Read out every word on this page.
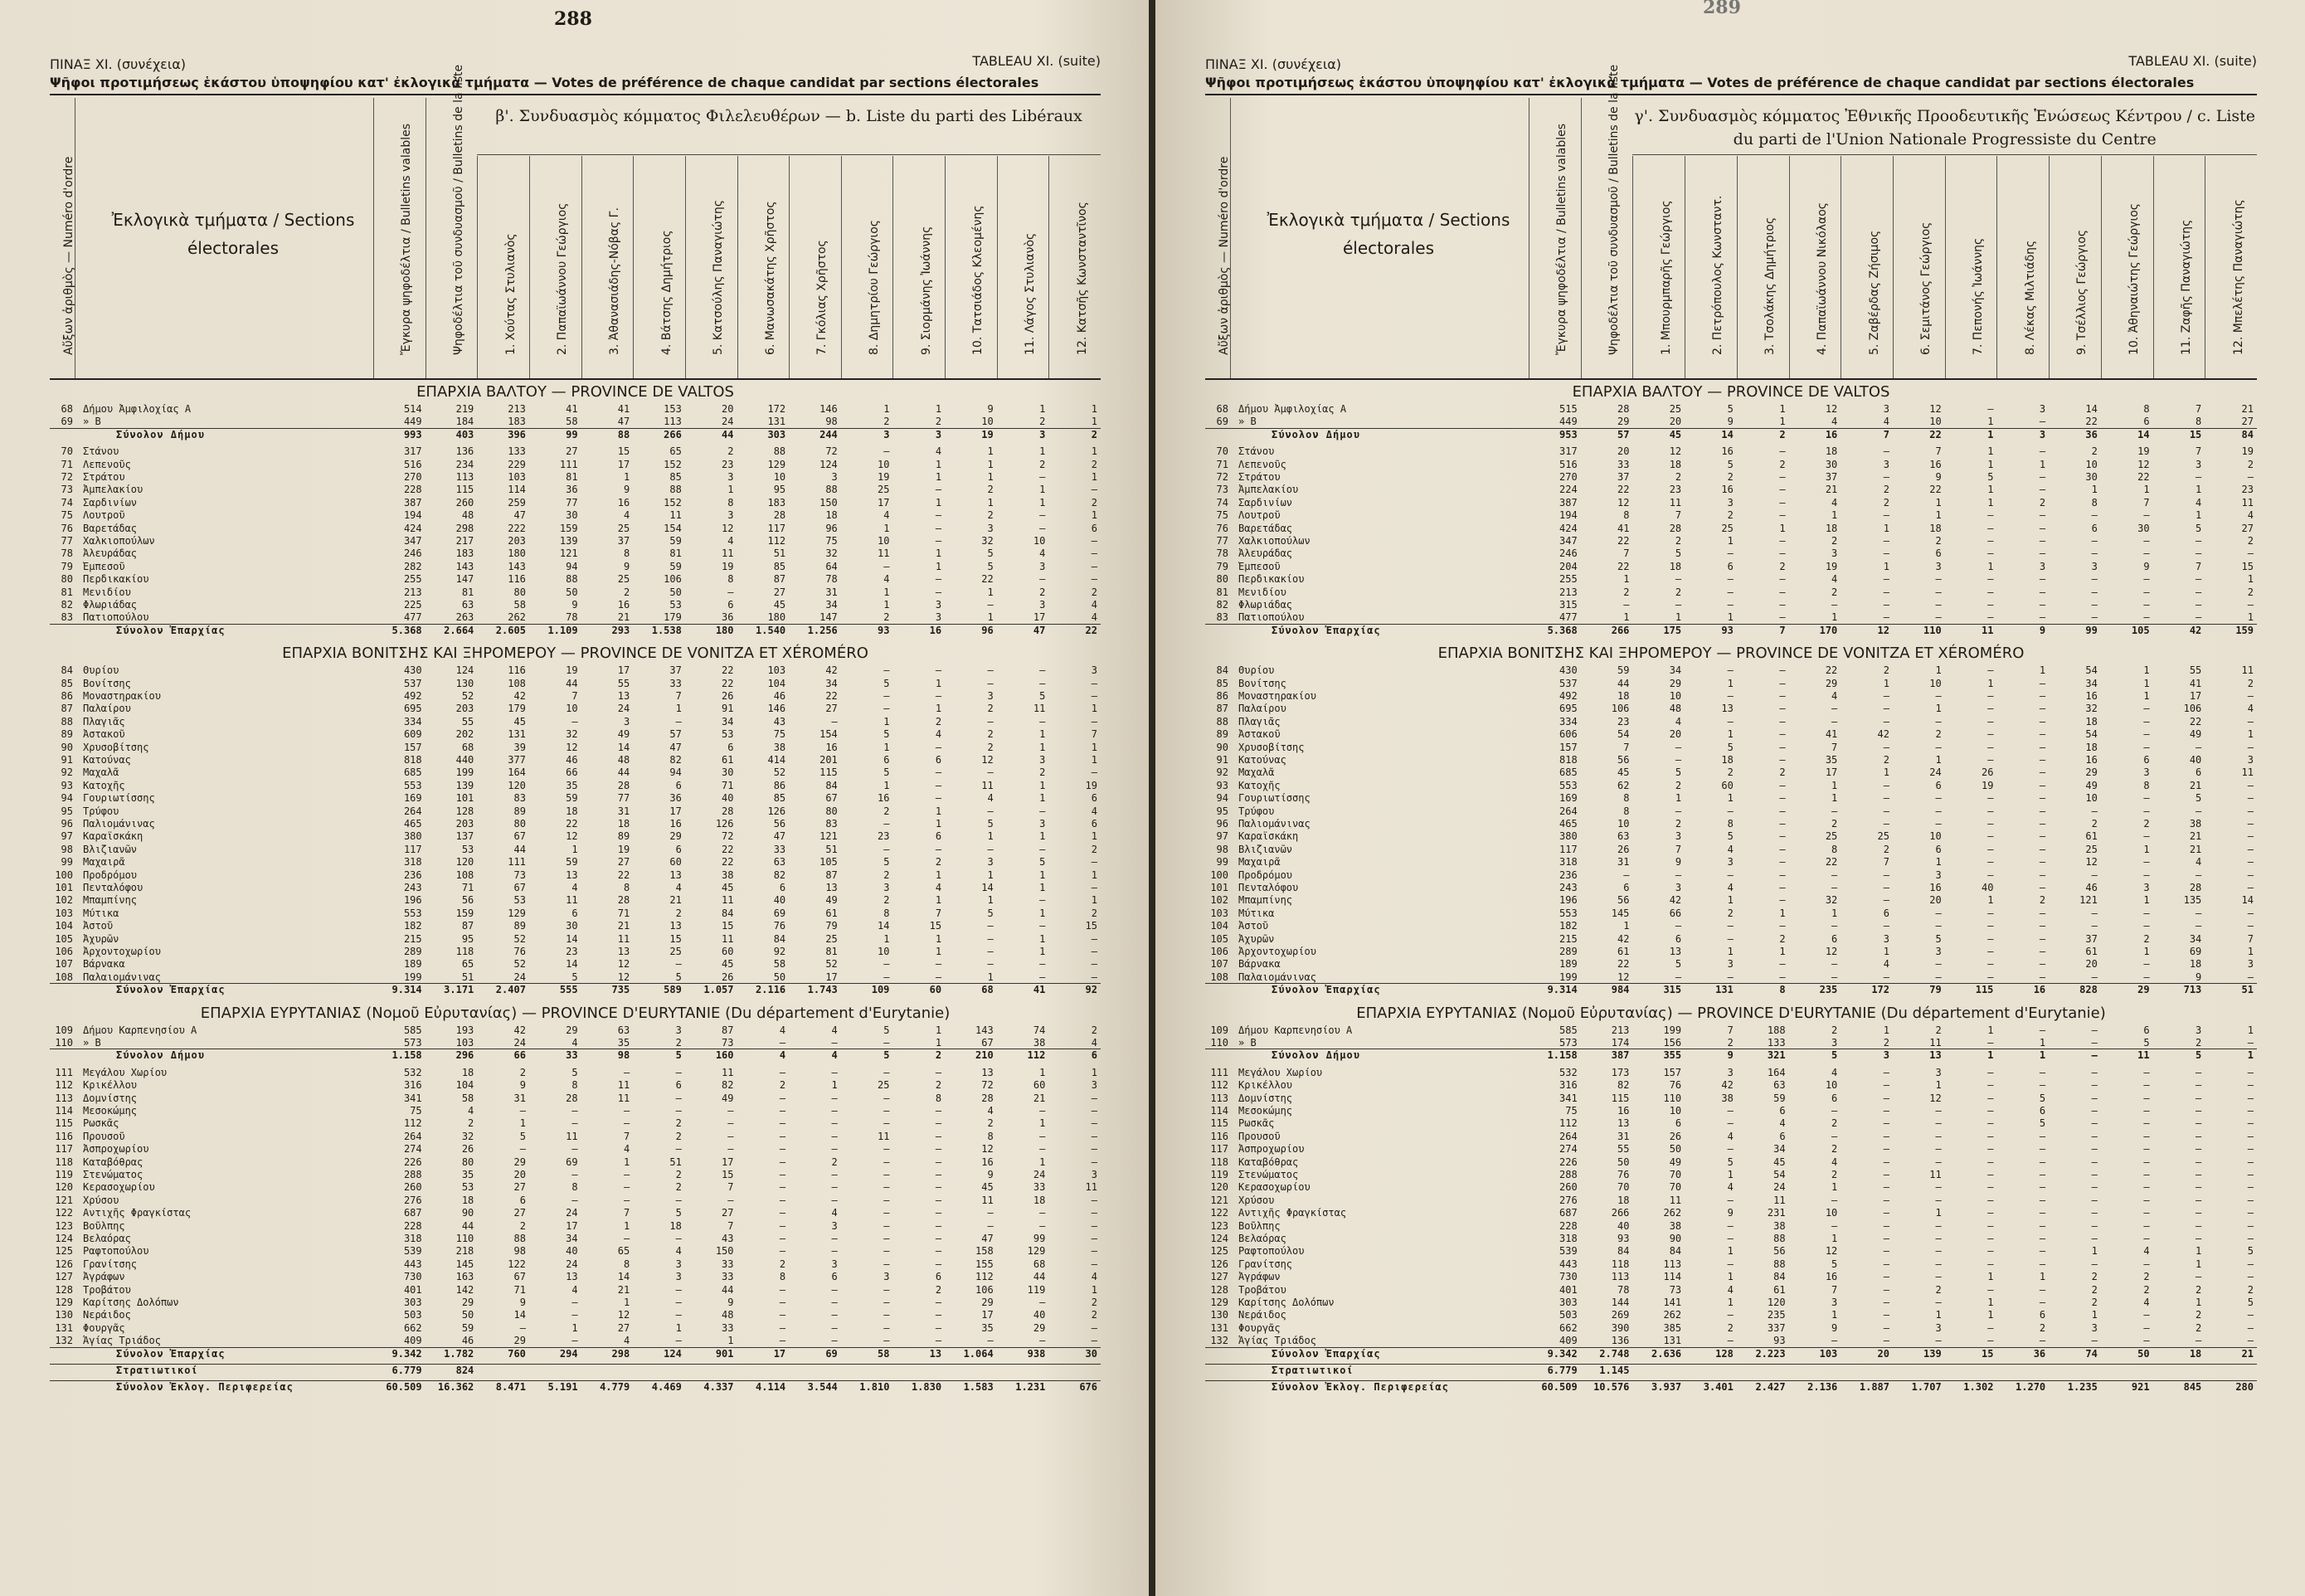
288
ΠΙΝΑΞ ΧΙ. (συνέχεια)	TABLEAU XI. (suite)
Ψῆφοι προτιμήσεως ἑκάστου ὑποψηφίου κατ' ἐκλογικὰ τμήματα — Votes de préférence de chaque candidat par sections électorales
Αὔξων ἀριθμὸς — Numéro d'ordre	Ἐκλογικὰ τμήματα / Sections électorales	Ἔγκυρα ψηφοδέλτια / Bulletins valables	Ψηφοδέλτια τοῦ συνδυασμοῦ / Bulletins de la liste	β'. Συνδυασμὸς κόμματος Φιλελευθέρων — b. Liste du parti des Libéraux
1. Χούτας Στυλιανὸς	2. Παπαϊωάννου Γεώργιος	3. Ἀθανασιάδης-Νόβας Γ.	4. Βάτσης Δημήτριος	5. Κατσούλης Παναγιώτης	6. Μανωσακάτης Χρῆστος	7. Γκόλιας Χρῆστος	8. Δημητρίου Γεώργιος	9. Σιορμάνης Ἰωάννης	10. Τατσιάδος Κλεομένης	11. Λάγος Στυλιανὸς	12. Κατσῆς Κωνσταντῖνος
ΕΠΑΡΧΙΑ ΒΑΛΤΟΥ — PROVINCE DE VALTOS
68 Δήμου Ἀμφιλοχίας Α	514	219	213	41	41	153	20	172	146	1	1	9	1	1
69 » Β	449	184	183	58	47	113	24	131	98	2	2	10	2	1
Σύνολον Δήμου	993	403	396	99	88	266	44	303	244	3	3	19	3	2
70 Στάνου	317	136	133	27	15	65	2	88	72	—	4	1	1	1
71 Λεπενοῦς	516	234	229	111	17	152	23	129	124	10	1	1	2	2
72 Στράτου	270	113	103	81	1	85	3	10	3	19	1	1	—	1
73 Ἀμπελακίου	228	115	114	36	9	88	1	95	88	25	—	2	1	—
74 Σαρδινίων	387	260	259	77	16	152	8	183	150	17	1	1	1	2
75 Λουτροῦ	194	48	47	30	4	11	3	28	18	4	—	2	—	1
76 Βαρετάδας	424	298	222	159	25	154	12	117	96	1	—	3	—	6
77 Χαλκιοπούλων	347	217	203	139	37	59	4	112	75	10	—	32	10	—
78 Ἀλευράδας	246	183	180	121	8	81	11	51	32	11	1	5	4	—
79 Ἐμπεσοῦ	282	143	143	94	9	59	19	85	64	—	1	5	3	—
80 Περδικακίου	255	147	116	88	25	106	8	87	78	4	—	22	—	—
81 Μενιδίου	213	81	80	50	2	50	—	27	31	1	—	1	2	2
82 Φλωριάδας	225	63	58	9	16	53	6	45	34	1	3	—	3	4
83 Πατιοπούλου	477	263	262	78	21	179	36	180	147	2	3	1	17	4
Σύνολον Ἐπαρχίας	5.368	2.664	2.605	1.109	293	1.538	180	1.540	1.256	93	16	96	47	22
ΕΠΑΡΧΙΑ ΒΟΝΙΤΣΗΣ ΚΑΙ ΞΗΡΟΜΕΡΟΥ — PROVINCE DE VONITZA ET XÉROMÉRO
84 Θυρίου	430	124	116	19	17	37	22	103	42	—	—	—	—	3
85 Βονίτσης	537	130	108	44	55	33	22	104	34	5	1	—	—	—
86 Μοναστηρακίου	492	52	42	7	13	7	26	46	22	—	—	3	5	—
87 Παλαίρου	695	203	179	10	24	1	91	146	27	—	1	2	11	1
88 Πλαγιᾶς	334	55	45	—	3	—	34	43	—	1	2	—	—	—
89 Ἀστακοῦ	609	202	131	32	49	57	53	75	154	5	4	2	1	7
90 Χρυσοβίτσης	157	68	39	12	14	47	6	38	16	1	—	2	1	1
91 Κατούνας	818	440	377	46	48	82	61	414	201	6	6	12	3	1
92 Μαχαλᾶ	685	199	164	66	44	94	30	52	115	5	—	—	2	—
93 Κατοχῆς	553	139	120	35	28	6	71	86	84	1	—	11	1	19
94 Γουριωτίσσης	169	101	83	59	77	36	40	85	67	16	—	4	1	6
95 Τρύφου	264	128	89	18	31	17	28	126	80	2	1	—	—	4
96 Παλιομάνινας	465	203	80	22	18	16	126	56	83	—	1	5	3	6
97 Καραϊσκάκη	380	137	67	12	89	29	72	47	121	23	6	1	1	1
98 Βλιζιανῶν	117	53	44	1	19	6	22	33	51	—	—	—	—	2
99 Μαχαιρᾶ	318	120	111	59	27	60	22	63	105	5	2	3	5	—
100 Προδρόμου	236	108	73	13	22	13	38	82	87	2	1	1	1	1
101 Πενταλόφου	243	71	67	4	8	4	45	6	13	3	4	14	1	—
102 Μπαμπίνης	196	56	53	11	28	21	11	40	49	2	1	1	—	1
103 Μύτικα	553	159	129	6	71	2	84	69	61	8	7	5	1	2
104 Ἀστοῦ	182	87	89	30	21	13	15	76	79	14	15	—	—	15
105 Ἀχυρῶν	215	95	52	14	11	15	11	84	25	1	1	—	1	—
106 Ἀρχοντοχωρίου	289	118	76	23	13	25	60	92	81	10	1	—	1	—
107 Βάρνακα	189	65	52	14	12	—	45	58	52	—	—	—	—	—
108 Παλαιομάνινας	199	51	24	5	12	5	26	50	17	—	—	1	—	—
Σύνολον Ἐπαρχίας	9.314	3.171	2.407	555	735	589	1.057	2.116	1.743	109	60	68	41	92
ΕΠΑΡΧΙΑ ΕΥΡΥΤΑΝΙΑΣ (Νομοῦ Εὐρυτανίας) — PROVINCE D'EURYTANIE (Du département d'Eurytanie)
109 Δήμου Καρπενησίου Α	585	193	42	29	63	3	87	4	4	5	1	143	74	2
110 » Β	573	103	24	4	35	2	73	—	—	—	1	67	38	4
Σύνολον Δήμου	1.158	296	66	33	98	5	160	4	4	5	2	210	112	6
111 Μεγάλου Χωρίου	532	18	2	5	—	—	11	—	—	—	—	13	1	1
112 Κρικέλλου	316	104	9	8	11	6	82	2	1	25	2	72	60	3
113 Δομνίστης	341	58	31	28	11	—	49	—	—	—	8	28	21	—
114 Μεσοκώμης	75	4	—	—	—	—	—	—	—	—	—	4	—	—
115 Ρωσκᾶς	112	2	1	—	—	2	—	—	—	—	—	2	1	—
116 Προυσοῦ	264	32	5	11	7	2	—	—	—	11	—	8	—	—
117 Ἀσπροχωρίου	274	26	—	—	4	—	—	—	—	—	—	12	—	—
118 Καταβόθρας	226	80	29	69	1	51	17	—	2	—	—	16	1	—
119 Στενώματος	288	35	20	—	—	2	15	—	—	—	—	9	24	3
120 Κερασοχωρίου	260	53	27	8	—	2	7	—	—	—	—	45	33	11
121 Χρύσου	276	18	6	—	—	—	—	—	—	—	—	11	18	—
122 Αντιχῆς Φραγκίστας	687	90	27	24	7	5	27	—	4	—	—	—	—	—
123 Βοῦλπης	228	44	2	17	1	18	7	—	3	—	—	—	—	—
124 Βελαόρας	318	110	88	34	—	—	43	—	—	—	—	47	99	—
125 Ραφτοπούλου	539	218	98	40	65	4	150	—	—	—	—	158	129	—
126 Γρανίτσης	443	145	122	24	8	3	33	2	3	—	—	155	68	—
127 Ἀγράφων	730	163	67	13	14	3	33	8	6	3	6	112	44	4
128 Τροβάτου	401	142	71	4	21	—	44	—	—	—	2	106	119	1
129 Καρίτσης Δολόπων	303	29	9	—	1	—	9	—	—	—	—	29	—	2
130 Νεράιδος	503	50	14	—	12	—	48	—	—	—	—	17	40	2
131 Φουργᾶς	662	59	—	1	27	1	33	—	—	—	—	35	29	—
132 Ἁγίας Τριάδος	409	46	29	—	4	—	1	—	—	—	—	—	—	—
Σύνολον Ἐπαρχίας	9.342	1.782	760	294	298	124	901	17	69	58	13	1.064	938	30
Στρατιωτικοί	6.779	824
Σύνολον Ἐκλογ. Περιφερείας	60.509	16.362	8.471	5.191	4.779	4.469	4.337	4.114	3.544	1.810	1.830	1.583	1.231	676
289
ΠΙΝΑΞ ΧΙ. (συνέχεια)	TABLEAU XI. (suite)
Ψῆφοι προτιμήσεως ἑκάστου ὑποψηφίου κατ' ἐκλογικὰ τμήματα — Votes de préférence de chaque candidat par sections électorales
Αὔξων ἀριθμὸς — Numéro d'ordre	Ἐκλογικὰ τμήματα / Sections électorales	Ἔγκυρα ψηφοδέλτια / Bulletins valables	Ψηφοδέλτια τοῦ συνδυασμοῦ / Bulletins de la liste γ'. Συνδυασμὸς κόμματος Ἐθνικῆς Προοδευτικῆς Ἑνώσεως Κέντρου / c. Liste du parti de l'Union Nationale Progressiste du Centre
1. Μπουρμπαρῆς Γεώργιος	2. Πετρόπουλος Κωνσταντ.	3. Τσολάκης Δημήτριος	4. Παπαϊωάννου Νικόλαος	5. Ζαβέρδας Ζήσιμος	6. Σεμιτάνος Γεώργιος	7. Πεπονής Ἰωάννης	8. Λέκας Μιλτιάδης	9. Τσέλλιος Γεώργιος	10. Ἀθηναιώτης Γεώργιος	11. Ζαφῆς Παναγιώτης	12. Μπελέτης Παναγιώτης
ΕΠΑΡΧΙΑ ΒΑΛΤΟΥ — PROVINCE DE VALTOS
68 Δήμου Ἀμφιλοχίας Α	515	28	25	5	1	12	3	12	—	3	14	8	7	21
69 » Β	449	29	20	9	1	4	4	10	1	—	22	6	8	27
Σύνολον Δήμου	953	57	45	14	2	16	7	22	1	3	36	14	15	84
70 Στάνου	317	20	12	16	—	18	—	7	1	—	2	19	7	19
71 Λεπενοῦς	516	33	18	5	2	30	3	16	1	1	10	12	3	2
72 Στράτου	270	37	2	2	—	37	—	9	5	—	30	22	—	—
73 Ἀμπελακίου	224	22	23	16	—	21	2	22	1	—	1	1	1	23
74 Σαρδινίων	387	12	11	3	—	4	2	1	1	2	8	7	4	11
75 Λουτροῦ	194	8	7	2	—	1	—	1	—	—	—	—	1	4
76 Βαρετάδας	424	41	28	25	1	18	1	18	—	—	6	30	5	27
77 Χαλκιοπούλων	347	22	2	1	—	2	—	2	—	—	—	—	—	2
78 Ἀλευράδας	246	7	5	—	—	3	—	6	—	—	—	—	—	—
79 Ἐμπεσοῦ	204	22	18	6	2	19	1	3	1	3	3	9	7	15
80 Περδικακίου	255	1	—	—	—	4	—	—	—	—	—	—	—	1
81 Μενιδίου	213	2	2	—	—	2	—	—	—	—	—	—	—	2
82 Φλωριάδας	315	—	—	—	—	—	—	—	—	—	—	—	—	—
83 Πατιοπούλου	477	1	1	1	—	1	—	—	—	—	—	—	—	1
Σύνολον Ἐπαρχίας	5.368	266	175	93	7	170	12	110	11	9	99	105	42	159
ΕΠΑΡΧΙΑ ΒΟΝΙΤΣΗΣ ΚΑΙ ΞΗΡΟΜΕΡΟΥ — PROVINCE DE VONITZA ET XÉROMÉRO
84 Θυρίου	430	59	34	—	—	22	2	1	—	1	54	1	55	11
85 Βονίτσης	537	44	29	1	—	29	1	10	1	—	34	1	41	2
86 Μοναστηρακίου	492	18	10	—	—	4	—	—	—	—	16	1	17	—
87 Παλαίρου	695	106	48	13	—	—	—	1	—	—	32	—	106	4
88 Πλαγιᾶς	334	23	4	—	—	—	—	—	—	—	18	—	22	—
89 Ἀστακοῦ	606	54	20	1	—	41	42	2	—	—	54	—	49	1
90 Χρυσοβίτσης	157	7	—	5	—	7	—	—	—	—	18	—	—	—
91 Κατούνας	818	56	—	18	—	35	2	1	—	—	16	6	40	3
92 Μαχαλᾶ	685	45	5	2	2	17	1	24	26	—	29	3	6	11
93 Κατοχῆς	553	62	2	60	—	1	—	6	19	—	49	8	21	—
94 Γουριωτίσσης	169	8	1	1	—	1	—	—	—	—	10	—	5	—
95 Τρύφου	264	8	—	—	—	—	—	—	—	—	—	—	—	—
96 Παλιομάνινας	465	10	2	8	—	2	—	—	—	—	2	2	38	—
97 Καραϊσκάκη	380	63	3	5	—	25	25	10	—	—	61	—	21	—
98 Βλιζιανῶν	117	26	7	4	—	8	2	6	—	—	25	1	21	—
99 Μαχαιρᾶ	318	31	9	3	—	22	7	1	—	—	12	—	4	—
100 Προδρόμου	236	—	—	—	—	—	—	3	—	—	—	—	—	—
101 Πενταλόφου	243	6	3	4	—	—	—	16	40	—	46	3	28	—
102 Μπαμπίνης	196	56	42	1	—	32	—	20	1	2	121	1	135	14
103 Μύτικα	553	145	66	2	1	1	6	—	—	—	—	—	—	—
104 Ἀστοῦ	182	1	—	—	—	—	—	—	—	—	—	—	—	—
105 Ἀχυρῶν	215	42	6	—	2	6	3	5	—	—	37	2	34	7
106 Ἀρχοντοχωρίου	289	61	13	1	1	12	1	3	—	—	61	1	69	1
107 Βάρνακα	189	22	5	3	—	—	4	—	—	—	20	—	18	3
108 Παλαιομάνινας	199	12	—	—	—	—	—	—	—	—	—	—	9	—
Σύνολον Ἐπαρχίας	9.314	984	315	131	8	235	172	79	115	16	828	29	713	51
ΕΠΑΡΧΙΑ ΕΥΡΥΤΑΝΙΑΣ (Νομοῦ Εὐρυτανίας) — PROVINCE D'EURYTANIE (Du département d'Eurytanie)
109 Δήμου Καρπενησίου Α	585	213	199	7	188	2	1	2	1	—	—	6	3	1
110 » Β	573	174	156	2	133	3	2	11	—	1	—	5	2	—
Σύνολον Δήμου	1.158	387	355	9	321	5	3	13	1	1	—	11	5	1
111 Μεγάλου Χωρίου	532	173	157	3	164	4	—	3	—	—	—	—	—	—
112 Κρικέλλου	316	82	76	42	63	10	—	1	—	—	—	—	—	—
113 Δομνίστης	341	115	110	38	59	6	—	12	—	5	—	—	—	—
114 Μεσοκώμης	75	16	10	—	6	—	—	—	—	6	—	—	—	—
115 Ρωσκᾶς	112	13	6	—	4	2	—	—	—	5	—	—	—	—
116 Προυσοῦ	264	31	26	4	6	—	—	—	—	—	—	—	—	—
117 Ἀσπροχωρίου	274	55	50	—	34	2	—	—	—	—	—	—	—	—
118 Καταβόθρας	226	50	49	5	45	4	—	—	—	—	—	—	—	—
119 Στενώματος	288	76	70	1	54	2	—	11	—	—	—	—	—	—
120 Κερασοχωρίου	260	70	70	4	24	1	—	—	—	—	—	—	—	—
121 Χρύσου	276	18	11	—	11	—	—	—	—	—	—	—	—	—
122 Αντιχῆς Φραγκίστας	687	266	262	9	231	10	—	1	—	—	—	—	—	—
123 Βοῦλπης	228	40	38	—	38	—	—	—	—	—	—	—	—	—
124 Βελαόρας	318	93	90	—	88	1	—	—	—	—	—	—	—	—
125 Ραφτοπούλου	539	84	84	1	56	12	—	—	—	—	1	4	1	5
126 Γρανίτσης	443	118	113	—	88	5	—	—	—	—	—	—	1	—
127 Ἀγράφων	730	113	114	1	84	16	—	—	1	1	2	2	—	—
128 Τροβάτου	401	78	73	4	61	7	—	2	—	—	2	2	2	2
129 Καρίτσης Δολόπων	303	144	141	1	120	3	—	—	1	—	2	4	1	5
130 Νεράιδος	503	269	262	—	235	1	—	1	1	6	1	—	2	—
131 Φουργᾶς	662	390	385	2	337	9	—	3	—	2	3	—	2	—
132 Ἁγίας Τριάδος	409	136	131	—	93	—	—	—	—	—	—	—	—	—
Σύνολον Ἐπαρχίας	9.342	2.748	2.636	128	2.223	103	20	139	15	36	74	50	18	21
Στρατιωτικοί	6.779	1.145
Σύνολον Ἐκλογ. Περιφερείας	60.509	10.576	3.937	3.401	2.427	2.136	1.887	1.707	1.302	1.270	1.235	921	845	280
